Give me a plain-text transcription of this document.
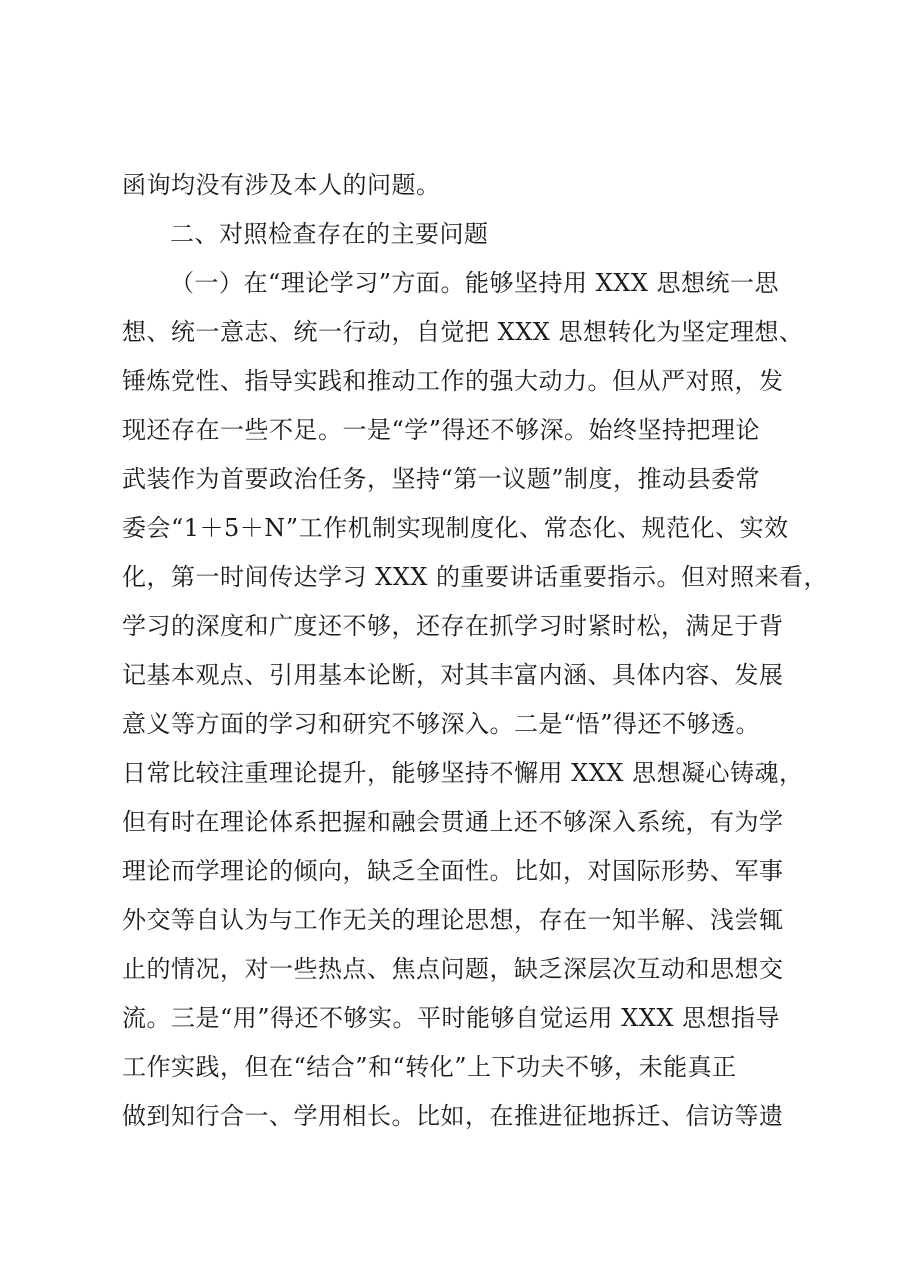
函询均没有涉及本人的问题。
二、对照检查存在的主要问题
（一）在“理论学习”方面。能够坚持用 XXX 思想统一思
想、统一意志、统一行动，自觉把 XXX 思想转化为坚定理想、
锤炼党性、指导实践和推动工作的强大动力。但从严对照，发
现还存在一些不足。一是“学”得还不够深。始终坚持把理论
武装作为首要政治任务，坚持“第一议题”制度，推动县委常
委会“1＋5＋N”工作机制实现制度化、常态化、规范化、实效
化，第一时间传达学习 XXX 的重要讲话重要指示。但对照来看，
学习的深度和广度还不够，还存在抓学习时紧时松，满足于背
记基本观点、引用基本论断，对其丰富内涵、具体内容、发展
意义等方面的学习和研究不够深入。二是“悟”得还不够透。
日常比较注重理论提升，能够坚持不懈用 XXX 思想凝心铸魂，
但有时在理论体系把握和融会贯通上还不够深入系统，有为学
理论而学理论的倾向，缺乏全面性。比如，对国际形势、军事
外交等自认为与工作无关的理论思想，存在一知半解、浅尝辄
止的情况，对一些热点、焦点问题，缺乏深层次互动和思想交
流。三是“用”得还不够实。平时能够自觉运用 XXX 思想指导
工作实践，但在“结合”和“转化”上下功夫不够，未能真正
做到知行合一、学用相长。比如，在推进征地拆迁、信访等遗
